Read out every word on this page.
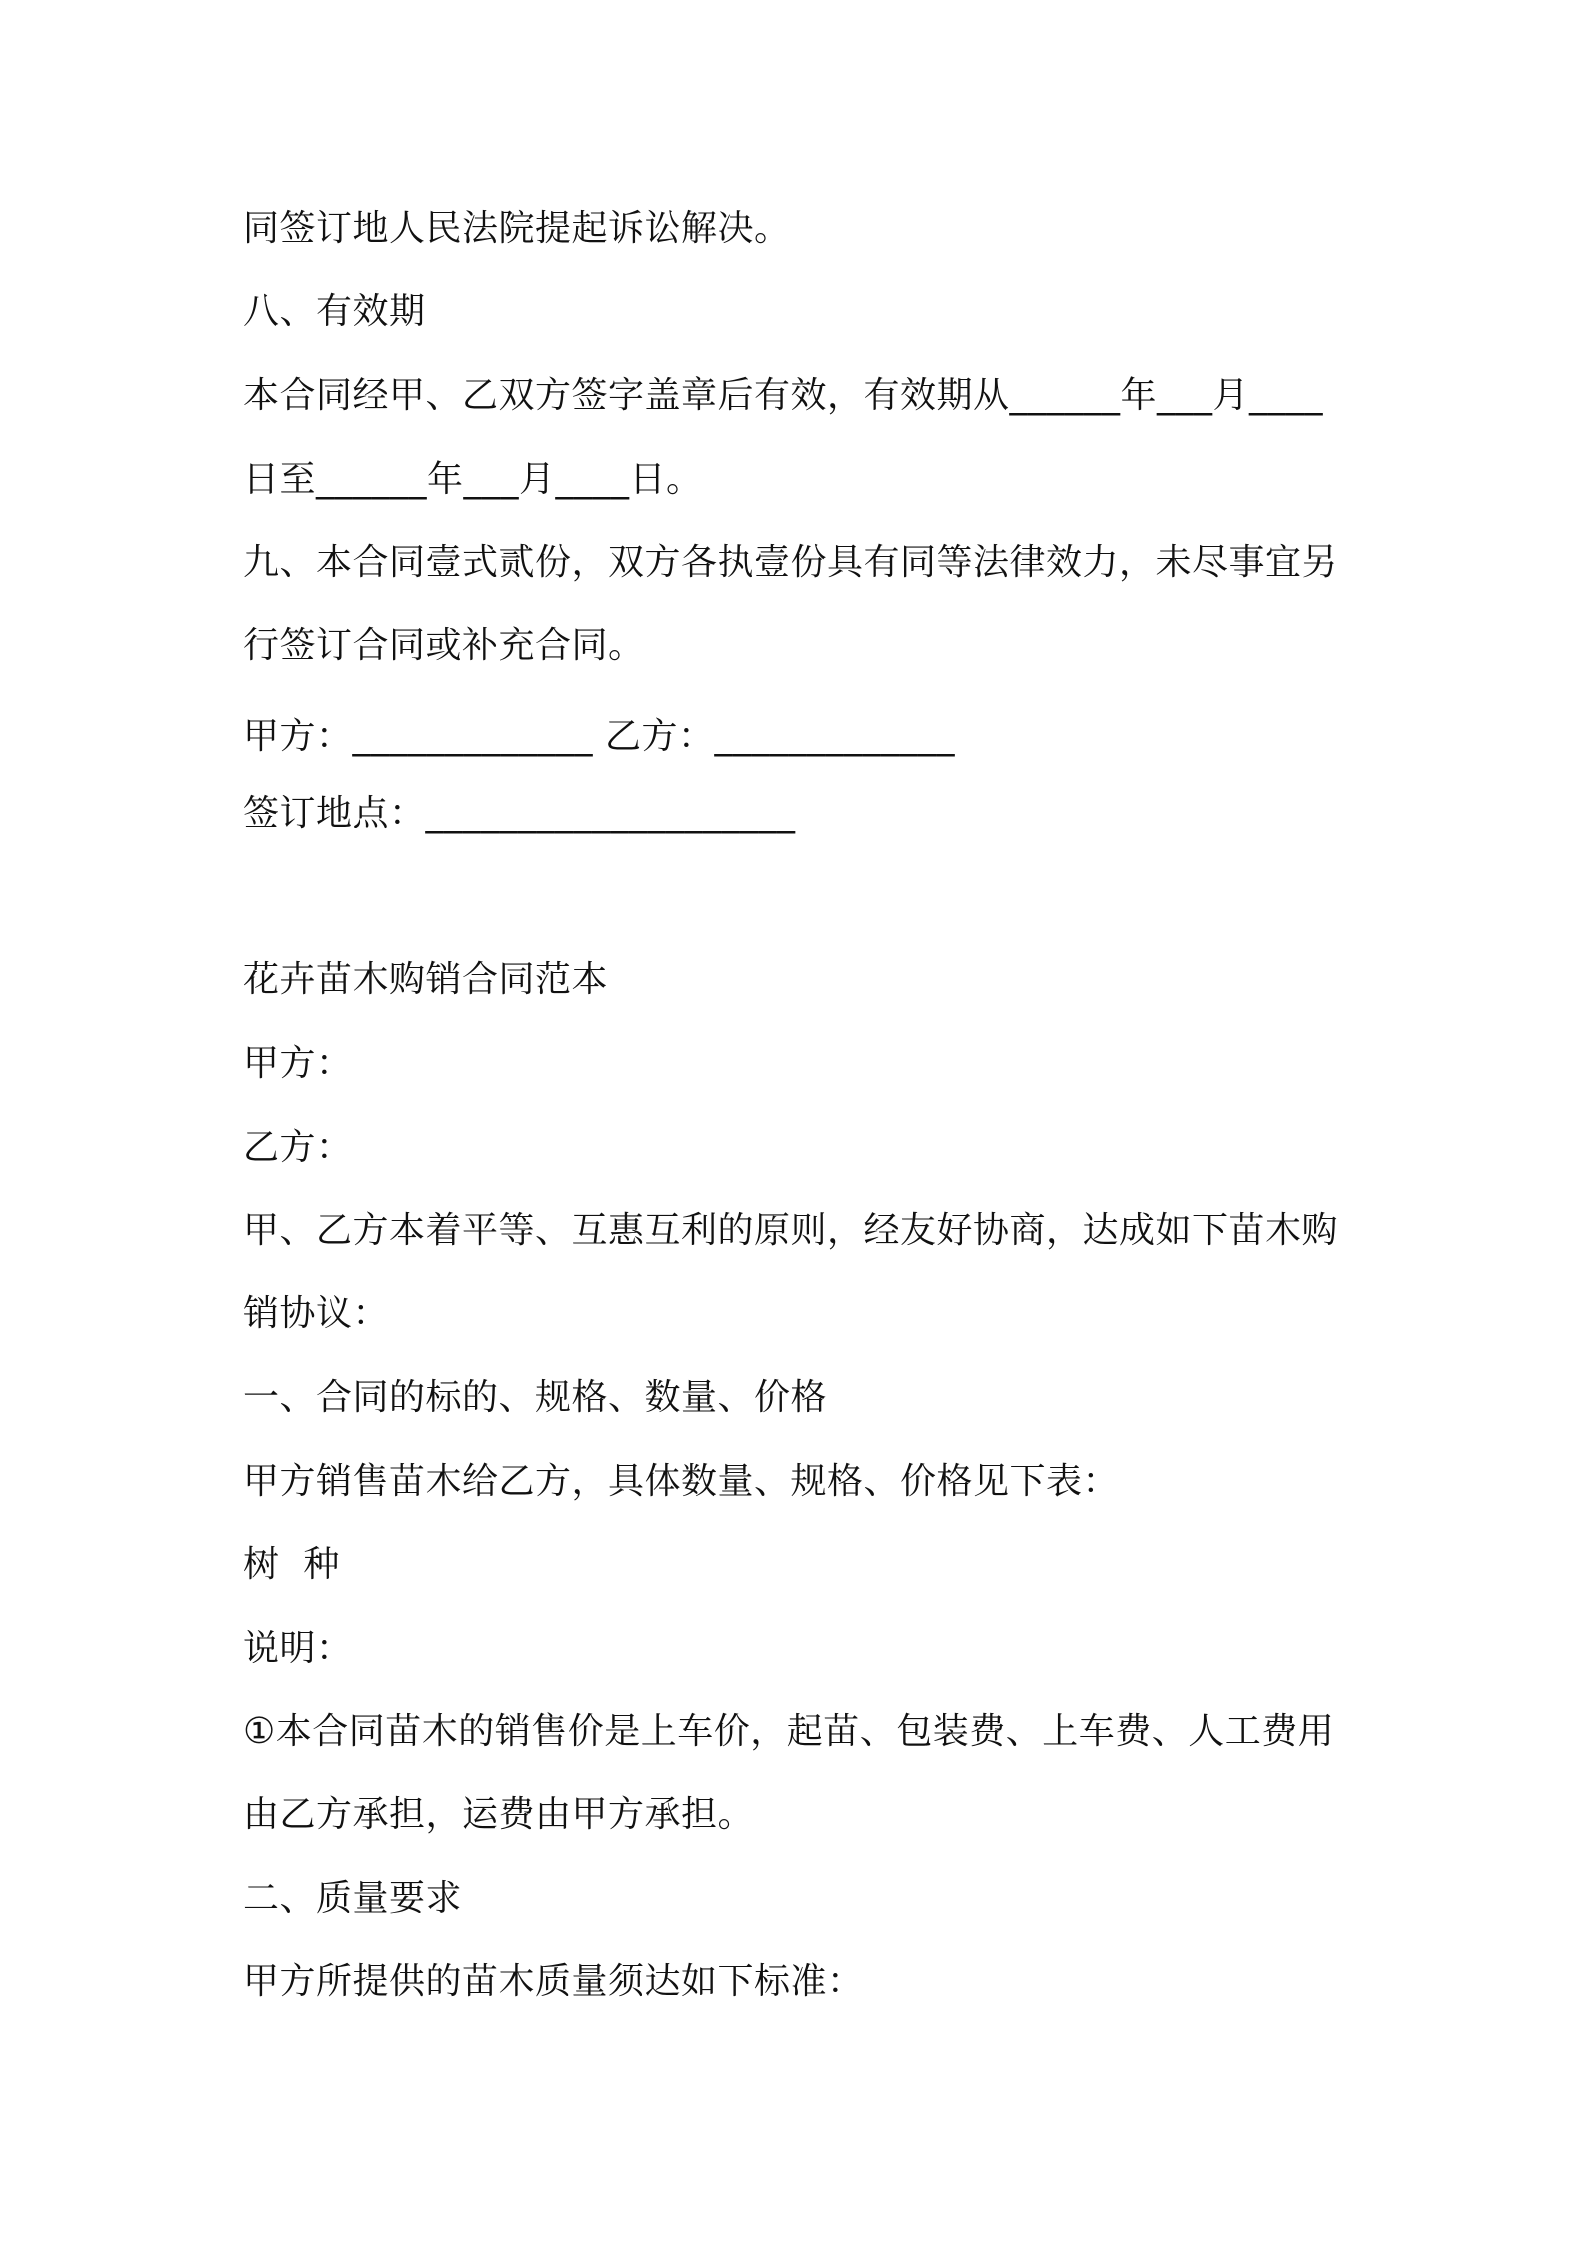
同签订地人民法院提起诉讼解决。
八、有效期
本合同经甲、乙双方签字盖章后有效，有效期从______年___月____
日至______年___月____日。
九、本合同壹式贰份，双方各执壹份具有同等法律效力，未尽事宜另
行签订合同或补充合同。
甲方：_____________ 乙方：_____________
签订地点：____________________
花卉苗木购销合同范本
甲方：
乙方：
甲、乙方本着平等、互惠互利的原则，经友好协商，达成如下苗木购
销协议：
一、合同的标的、规格、数量、价格
甲方销售苗木给乙方，具体数量、规格、价格见下表：
树  种
说明：
①本合同苗木的销售价是上车价，起苗、包装费、上车费、人工费用
由乙方承担，运费由甲方承担。
二、质量要求
甲方所提供的苗木质量须达如下标准：
